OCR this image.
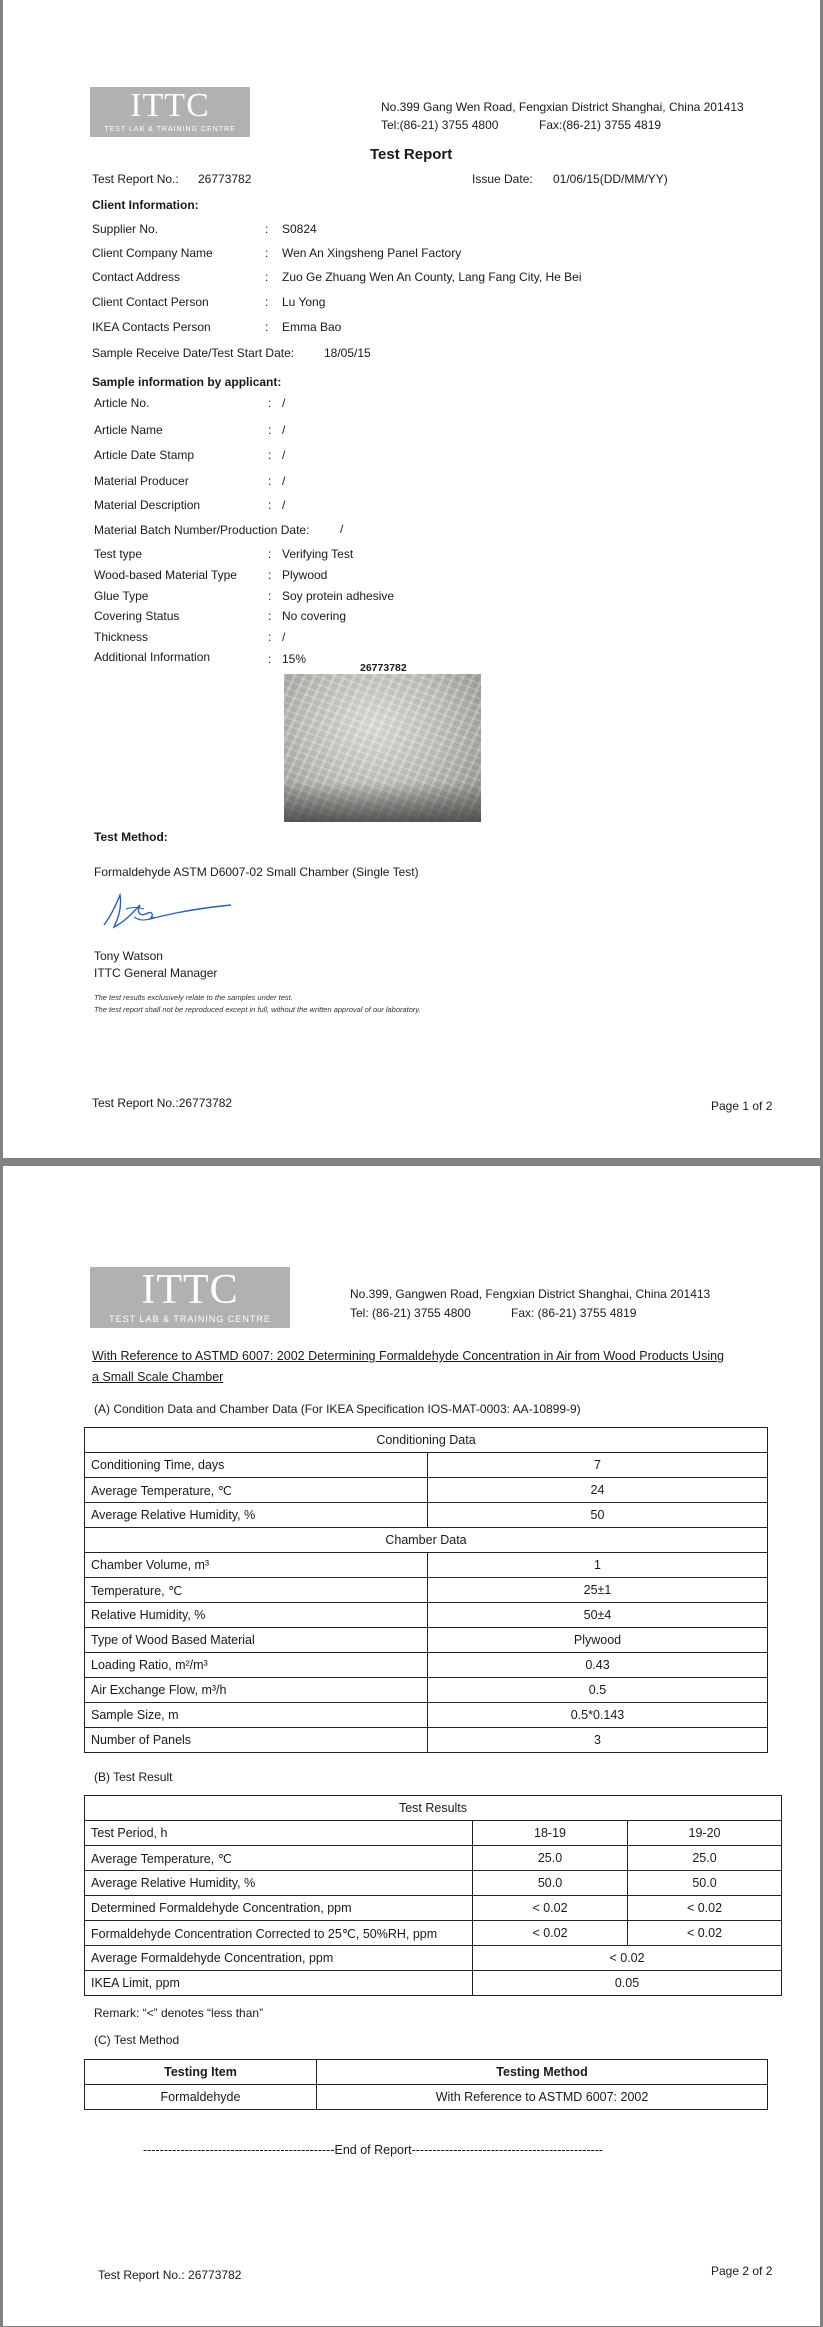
ITTC
TEST LAB & TRAINING CENTRE
No.399 Gang Wen Road, Fengxian District Shanghai, China 201413
Tel:(86-21) 3755 4800	Fax:(86-21) 3755 4819
Test Report
Test Report No.: 26773782	Issue Date: 01/06/15(DD/MM/YY)
Client Information:
Supplier No.	: S0824
Client Company Name	: Wen An Xingsheng Panel Factory
Contact Address	: Zuo Ge Zhuang Wen An County, Lang Fang City, He Bei
Client Contact Person	: Lu Yong
IKEA Contacts Person	: Emma Bao
Sample Receive Date/Test Start Date: 18/05/15
Sample information by applicant:
Article No.	: /
Article Name	: /
Article Date Stamp	: /
Material Producer	: /
Material Description	: /
Material Batch Number/Production Date:	/
Test type	: Verifying Test
Wood-based Material Type	: Plywood
Glue Type	: Soy protein adhesive
Covering Status	: No covering
Thickness	: /
Additional Information	: 15%
26773782
Test Method:
Formaldehyde ASTM D6007-02 Small Chamber (Single Test)
Tony Watson
ITTC General Manager
The test results exclusively relate to the samples under test.
The test report shall not be reproduced except in full, without the written approval of our laboratory.
Test Report No.:26773782	Page 1 of 2
ITTC
TEST LAB & TRAINING CENTRE
No.399, Gangwen Road, Fengxian District Shanghai, China 201413
Tel: (86-21) 3755 4800	Fax: (86-21) 3755 4819
With Reference to ASTMD 6007: 2002 Determining Formaldehyde Concentration in Air from Wood Products Using
a Small Scale Chamber
(A) Condition Data and Chamber Data (For IKEA Specification IOS-MAT-0003: AA-10899-9)
Conditioning Data	
Conditioning Time, days	7
Average Temperature, ℃	24
Average Relative Humidity, %	50
Chamber Data	
Chamber Volume, m³	1
Temperature, ℃	25±1
Relative Humidity, %	50±4
Type of Wood Based Material	Plywood
Loading Ratio, m²/m³	0.43
Air Exchange Flow, m³/h	0.5
Sample Size, m	0.5*0.143
Number of Panels	3
(B) Test Result
Test Results		
Test Period, h	18-19	19-20
Average Temperature, ℃	25.0	25.0
Average Relative Humidity, %	50.0	50.0
Determined Formaldehyde Concentration, ppm	< 0.02	< 0.02
Formaldehyde Concentration Corrected to 25℃, 50%RH, ppm	< 0.02	< 0.02
Average Formaldehyde Concentration, ppm	< 0.02	
IKEA Limit, ppm	0.05	
Remark: “<” denotes “less than”
(C) Test Method
Testing Item	Testing Method
Formaldehyde	With Reference to ASTMD 6007: 2002
----------------------------------------------End of Report----------------------------------------------
Test Report No.: 26773782	Page 2 of 2
